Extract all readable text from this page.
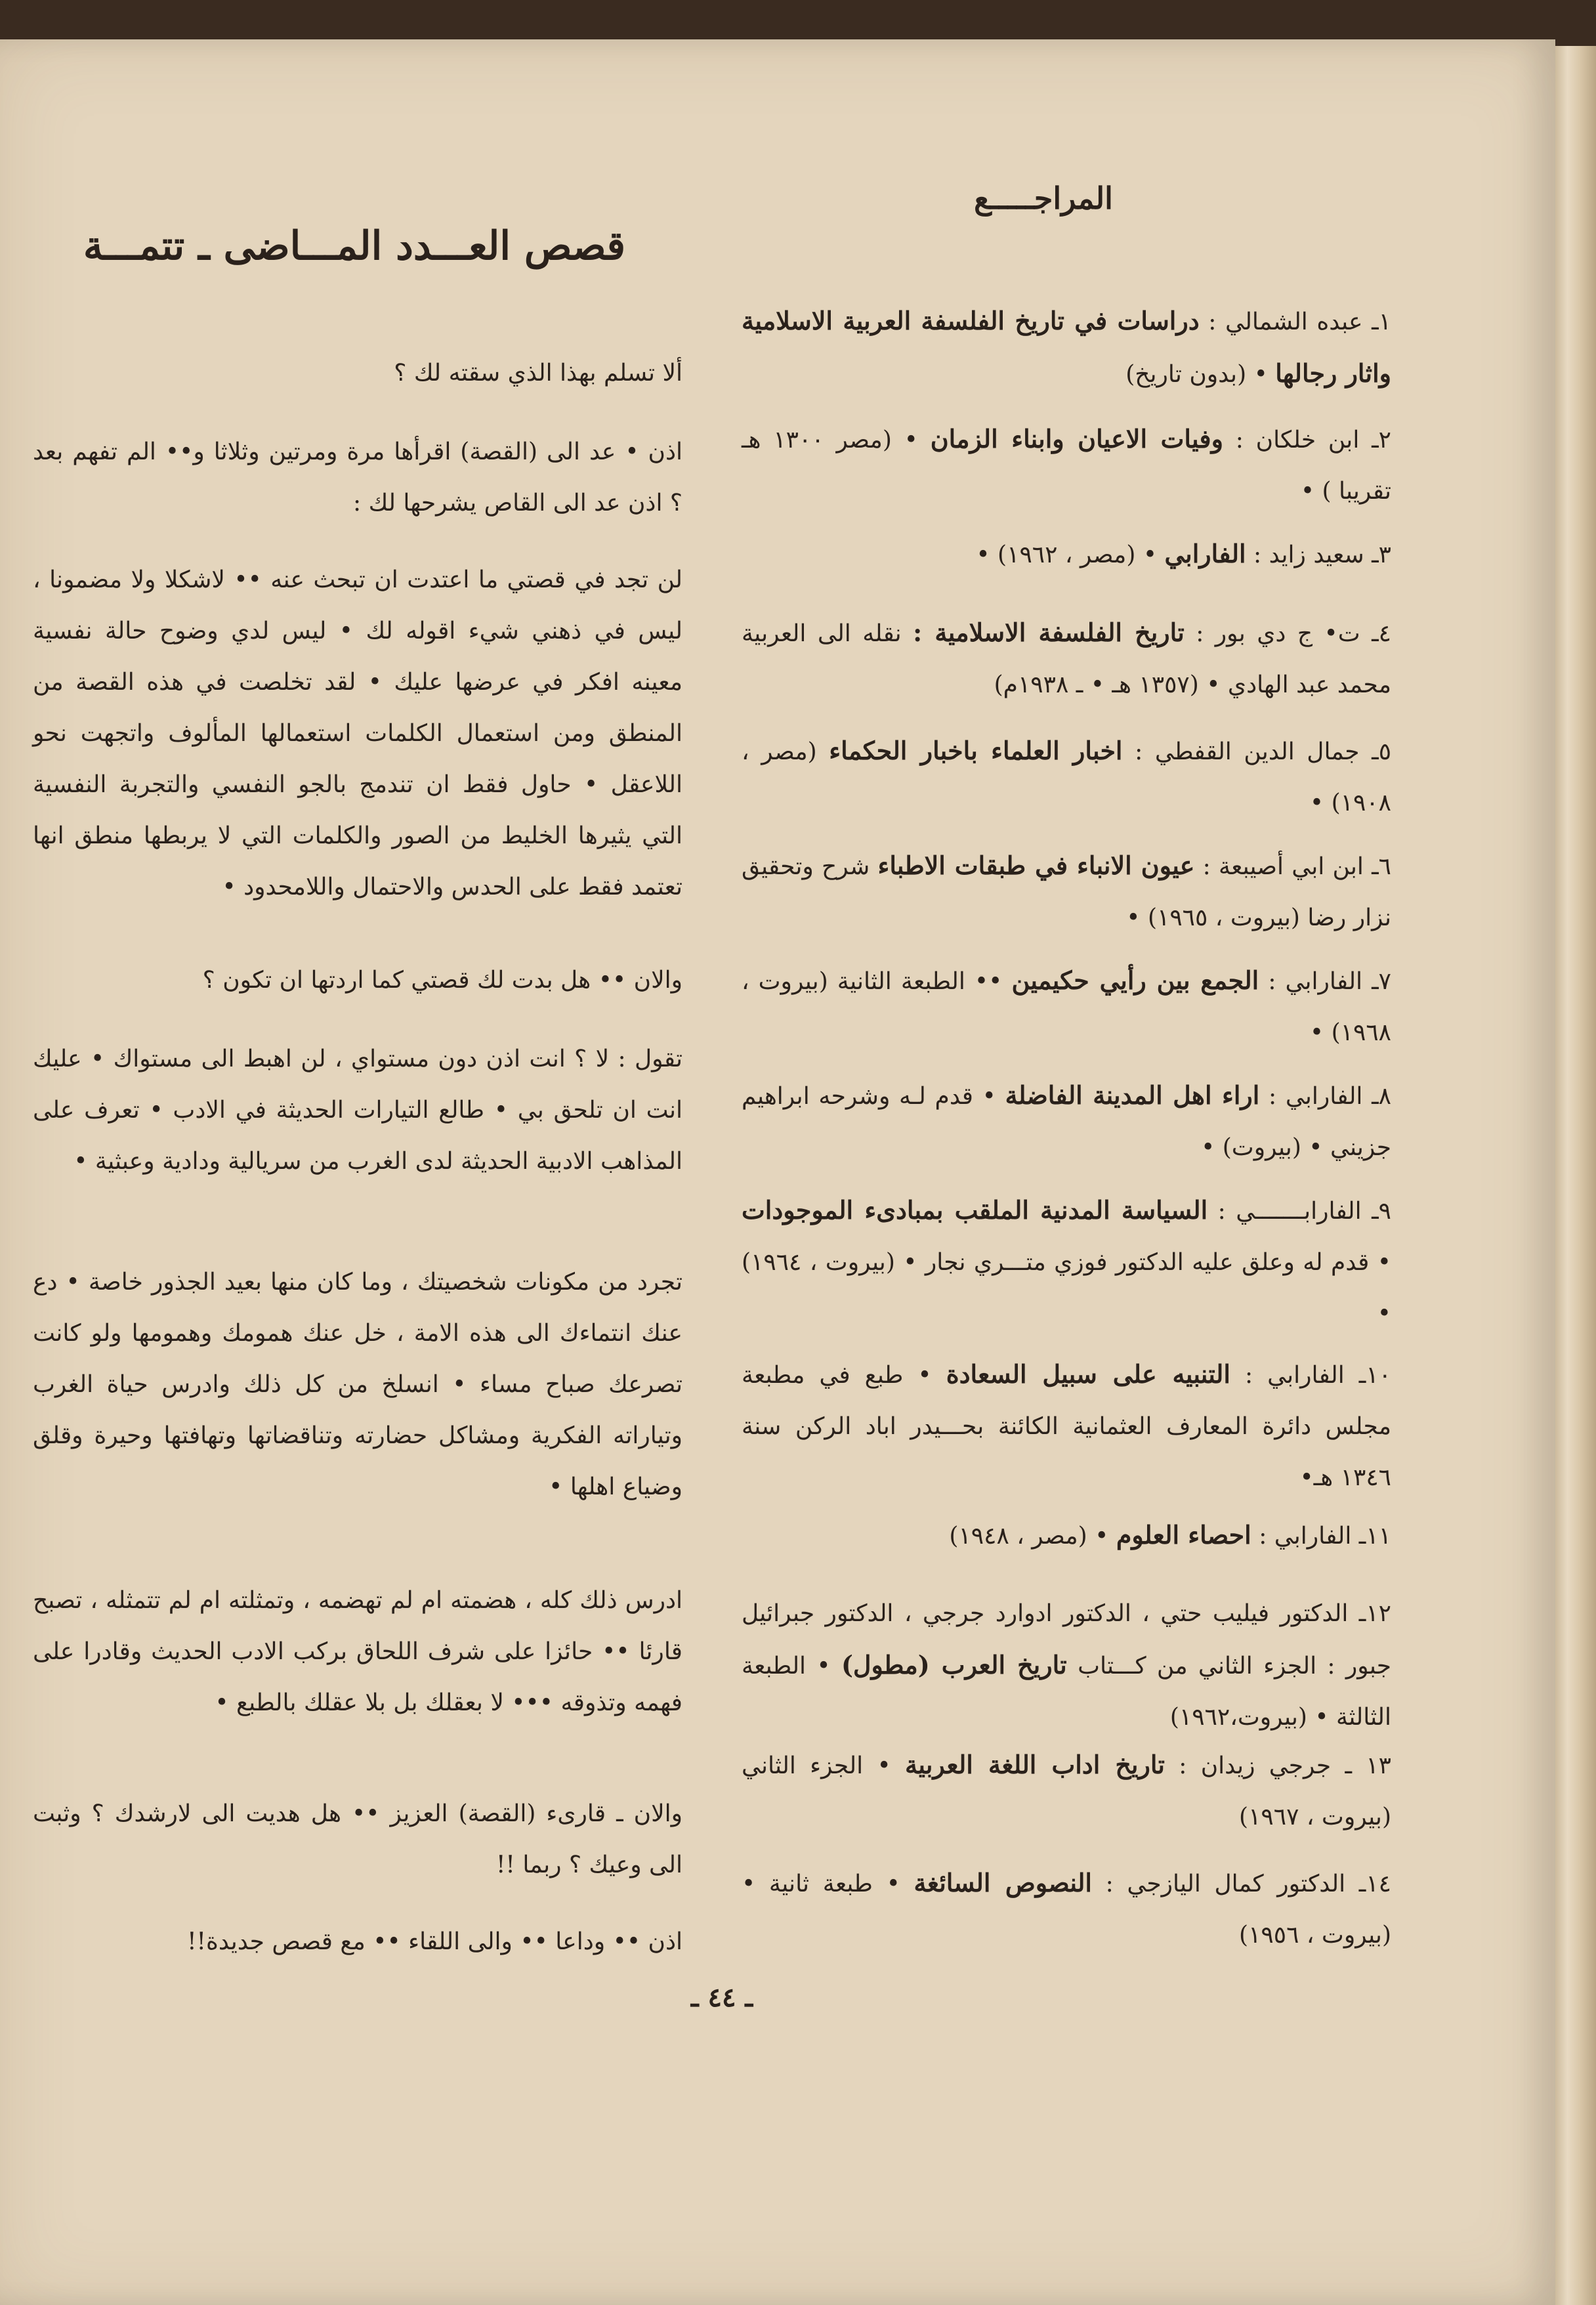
المراجـــــع
قصص العـــدد المـــاضى ـ تتمـــة
١ـ عبده الشمالي : دراسات في تاريخ الفلسفة العربية الاسلامية واثار رجالها • (بدون تاريخ)
٢ـ ابن خلكان : وفيات الاعيان وابناء الزمان • (مصر ١٣٠٠ هـ تقريبا ) •
٣ـ سعيد زايد : الفارابي • (مصر ، ١٩٦٢) •
٤ـ ت• ج دي بور : تاريخ الفلسفة الاسلامية : نقله الى العربية محمد عبد الهادي • (١٣٥٧ هـ • ـ ١٩٣٨م)
٥ـ جمال الدين القفطي : اخبار العلماء باخبار الحكماء (مصر ، ١٩٠٨) •
٦ـ ابن ابي أصيبعة : عيون الانباء في طبقات الاطباء شرح وتحقيق نزار رضا (بيروت ، ١٩٦٥) •
٧ـ الفارابي : الجمع بين رأيي حكيمين •• الطبعة الثانية (بيروت ، ١٩٦٨) •
٨ـ الفارابي : اراء اهل المدينة الفاضلة • قدم لـه وشرحه ابراهيم جزيني • (بيروت) •
٩ـ الفارابـــــــي : السياسة المدنية الملقب بمبادىء الموجودات • قدم له وعلق عليه الدكتور فوزي متـــري نجار • (بيروت ، ١٩٦٤) •
١٠ـ الفارابي : التنبيه على سبيل السعادة • طبع في مطبعة مجلس دائرة المعارف العثمانية الكائنة بحـــيدر اباد الركن سنة ١٣٤٦ هـ•
١١ـ الفارابي : احصاء العلوم • (مصر ، ١٩٤٨)
١٢ـ الدكتور فيليب حتي ، الدكتور ادوارد جرجي ، الدكتور جبرائيل جبور : الجزء الثاني من كـــتاب تاريخ العرب (مطول) • الطبعة الثالثة • (بيروت،١٩٦٢)
١٣ ـ جرجي زيدان : تاريخ اداب اللغة العربية • الجزء الثاني (بيروت ، ١٩٦٧)
١٤ـ الدكتور كمال اليازجي : النصوص السائغة • طبعة ثانية • (بيروت ، ١٩٥٦)
ألا تسلم بهذا الذي سقته لك ؟
اذن • عد الى (القصة) اقرأها مرة ومرتين وثلاثا و•• الم تفهم بعد ؟ اذن عد الى القاص يشرحها لك :
لن تجد في قصتي ما اعتدت ان تبحث عنه •• لاشكلا ولا مضمونا ، ليس في ذهني شيء اقوله لك • ليس لدي وضوح حالة نفسية معينه افكر في عرضها عليك • لقد تخلصت في هذه القصة من المنطق ومن استعمال الكلمات استعمالها المألوف واتجهت نحو اللاعقل • حاول فقط ان تندمج بالجو النفسي والتجربة النفسية التي يثيرها الخليط من الصور والكلمات التي لا يربطها منطق انها تعتمد فقط على الحدس والاحتمال واللامحدود •
والان •• هل بدت لك قصتي كما اردتها ان تكون ؟
تقول : لا ؟ انت اذن دون مستواي ، لن اهبط الى مستواك • عليك انت ان تلحق بي • طالع التيارات الحديثة في الادب • تعرف على المذاهب الادبية الحديثة لدى الغرب من سريالية ودادية وعبثية •
تجرد من مكونات شخصيتك ، وما كان منها بعيد الجذور خاصة • دع عنك انتماءك الى هذه الامة ، خل عنك همومك وهمومها ولو كانت تصرعك صباح مساء • انسلخ من كل ذلك وادرس حياة الغرب وتياراته الفكرية ومشاكل حضارته وتناقضاتها وتهافتها وحيرة وقلق وضياع اهلها •
ادرس ذلك كله ، هضمته ام لم تهضمه ، وتمثلته ام لم تتمثله ، تصبح قارئا •• حائزا على شرف اللحاق بركب الادب الحديث وقادرا على فهمه وتذوقه ••• لا بعقلك بل بلا عقلك بالطبع •
والان ـ قارىء (القصة) العزيز •• هل هديت الى لارشدك ؟ وثبت الى وعيك ؟ ربما !!
اذن •• وداعا •• والى اللقاء •• مع قصص جديدة!!
ـ ٤٤ ـ
